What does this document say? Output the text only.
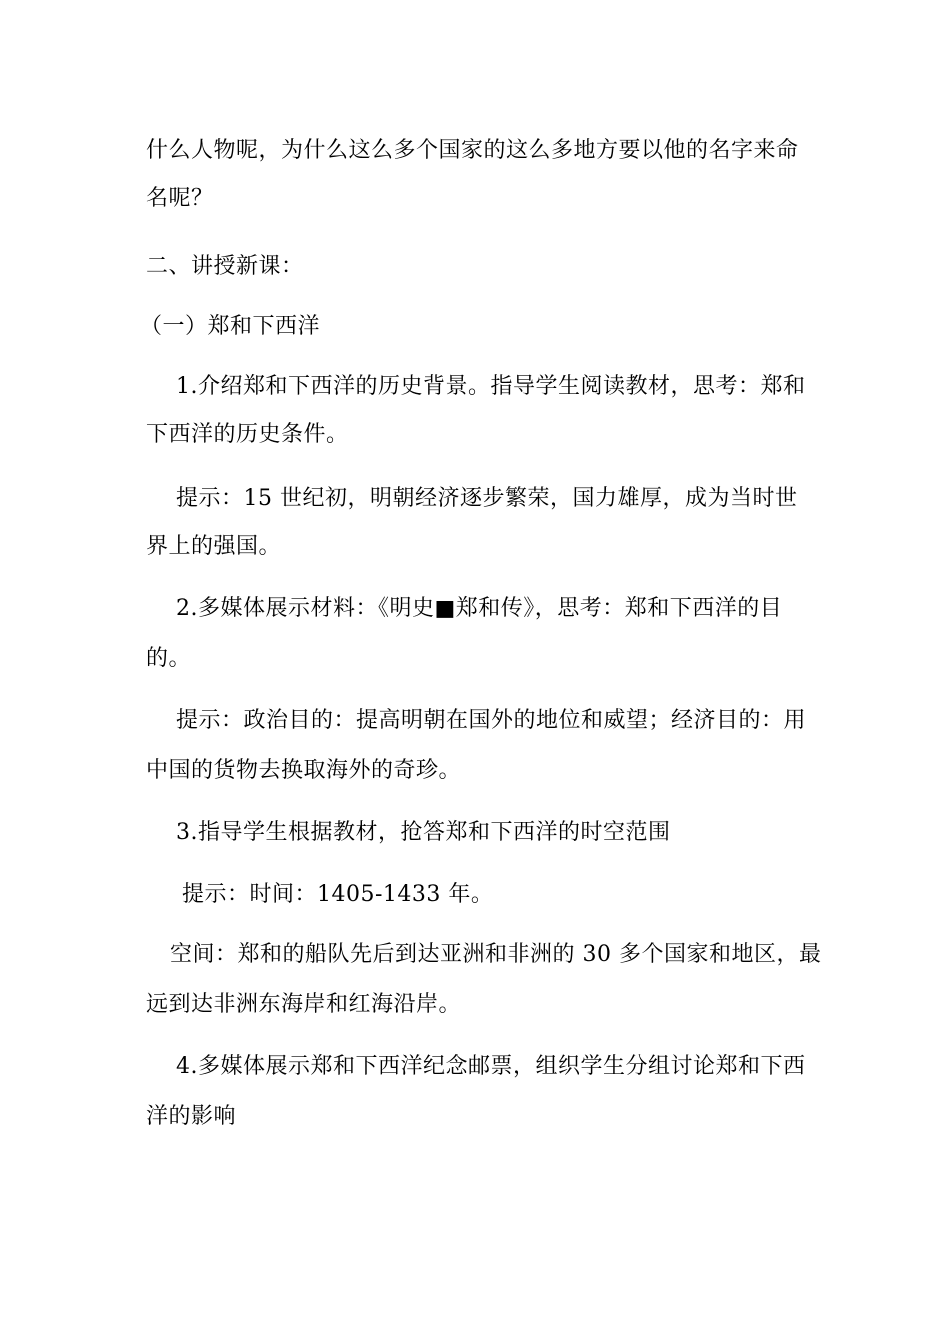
什么人物呢，为什么这么多个国家的这么多地方要以他的名字来命
名呢？
二、讲授新课：
（一）郑和下西洋
1.介绍郑和下西洋的历史背景。指导学生阅读教材，思考：郑和
下西洋的历史条件。
提示：15 世纪初，明朝经济逐步繁荣，国力雄厚，成为当时世
界上的强国。
2.多媒体展示材料：《明史■郑和传》，思考：郑和下西洋的目
的。
提示：政治目的：提高明朝在国外的地位和威望；经济目的：用
中国的货物去换取海外的奇珍。
3.指导学生根据教材，抢答郑和下西洋的时空范围
提示：时间：1405-1433 年。
空间：郑和的船队先后到达亚洲和非洲的 30 多个国家和地区，最
远到达非洲东海岸和红海沿岸。
4.多媒体展示郑和下西洋纪念邮票，组织学生分组讨论郑和下西
洋的影响
